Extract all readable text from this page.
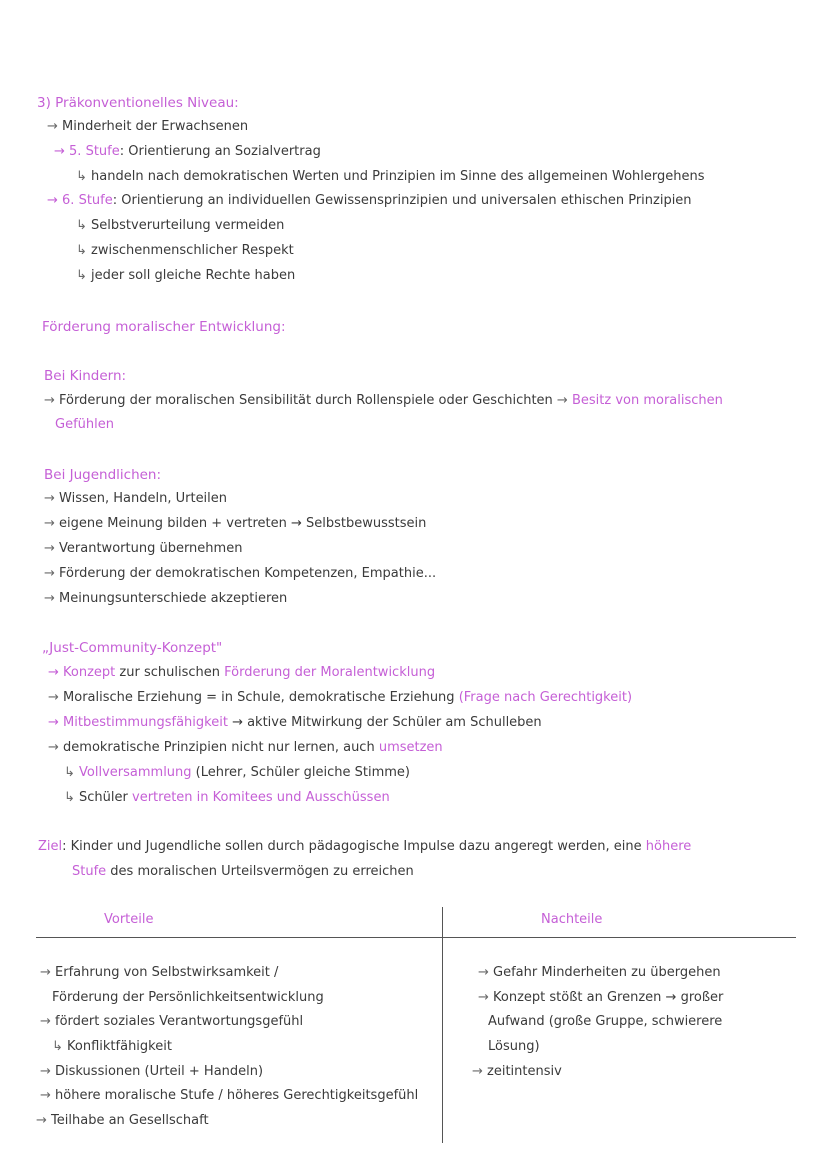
3) Präkonventionelles Niveau:
→ Minderheit der Erwachsenen
→ 5. Stufe: Orientierung an Sozialvertrag
↳ handeln nach demokratischen Werten und Prinzipien im Sinne des allgemeinen Wohlergehens
→ 6. Stufe: Orientierung an individuellen Gewissensprinzipien und universalen ethischen Prinzipien
↳ Selbstverurteilung vermeiden
↳ zwischenmenschlicher Respekt
↳ jeder soll gleiche Rechte haben
Förderung moralischer Entwicklung:
Bei Kindern:
→ Förderung der moralischen Sensibilität durch Rollenspiele oder Geschichten → Besitz von moralischen
Gefühlen
Bei Jugendlichen:
→ Wissen, Handeln, Urteilen
→ eigene Meinung bilden + vertreten → Selbstbewusstsein
→ Verantwortung übernehmen
→ Förderung der demokratischen Kompetenzen, Empathie...
→ Meinungsunterschiede akzeptieren
„Just-Community-Konzept"
→ Konzept zur schulischen Förderung der Moralentwicklung
→ Moralische Erziehung = in Schule, demokratische Erziehung (Frage nach Gerechtigkeit)
→ Mitbestimmungsfähigkeit → aktive Mitwirkung der Schüler am Schulleben
→ demokratische Prinzipien nicht nur lernen, auch umsetzen
↳ Vollversammlung (Lehrer, Schüler gleiche Stimme)
↳ Schüler vertreten in Komitees und Ausschüssen
Ziel: Kinder und Jugendliche sollen durch pädagogische Impulse dazu angeregt werden, eine höhere
Stufe des moralischen Urteilsvermögen zu erreichen
Vorteile	Nachteile
→ Erfahrung von Selbstwirksamkeit /
Förderung der Persönlichkeitsentwicklung
→ fördert soziales Verantwortungsgefühl
↳ Konfliktfähigkeit
→ Diskussionen (Urteil + Handeln)
→ höhere moralische Stufe / höheres Gerechtigkeitsgefühl
→ Teilhabe an Gesellschaft
→ Gefahr Minderheiten zu übergehen
→ Konzept stößt an Grenzen → großer
Aufwand (große Gruppe, schwierere
Lösung)
→ zeitintensiv
